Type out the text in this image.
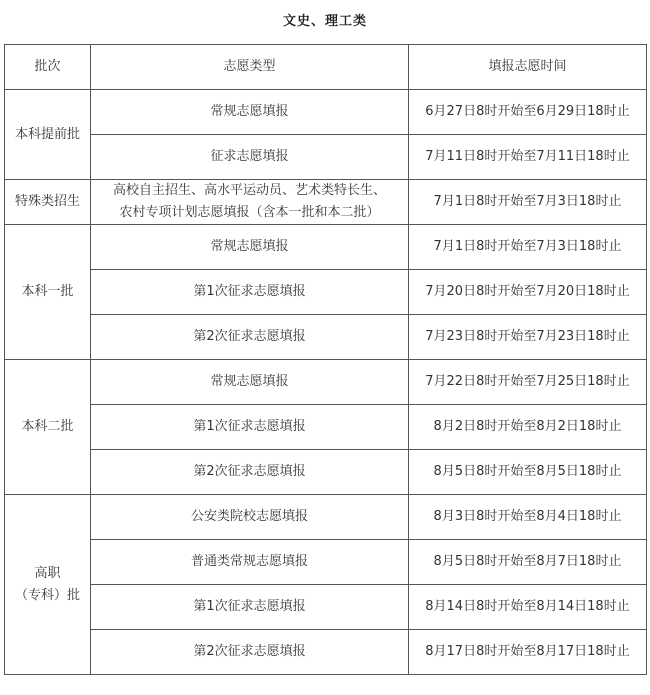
文史、理工类
批次	志愿类型	填报志愿时间
本科提前批	常规志愿填报	6月27日8时开始至6月29日18时止
	征求志愿填报	7月11日8时开始至7月11日18时止
特殊类招生	高校自主招生、高水平运动员、艺术类特长生、
农村专项计划志愿填报（含本一批和本二批）	7月1日8时开始至7月3日18时止
本科一批	常规志愿填报	7月1日8时开始至7月3日18时止
	第1次征求志愿填报	7月20日8时开始至7月20日18时止
	第2次征求志愿填报	7月23日8时开始至7月23日18时止
本科二批	常规志愿填报	7月22日8时开始至7月25日18时止
	第1次征求志愿填报	8月2日8时开始至8月2日18时止
	第2次征求志愿填报	8月5日8时开始至8月5日18时止

高职
（专科）批	公安类院校志愿填报	8月3日8时开始至8月4日18时止
	普通类常规志愿填报	8月5日8时开始至8月7日18时止
	第1次征求志愿填报	8月14日8时开始至8月14日18时止
	第2次征求志愿填报	8月17日8时开始至8月17日18时止
